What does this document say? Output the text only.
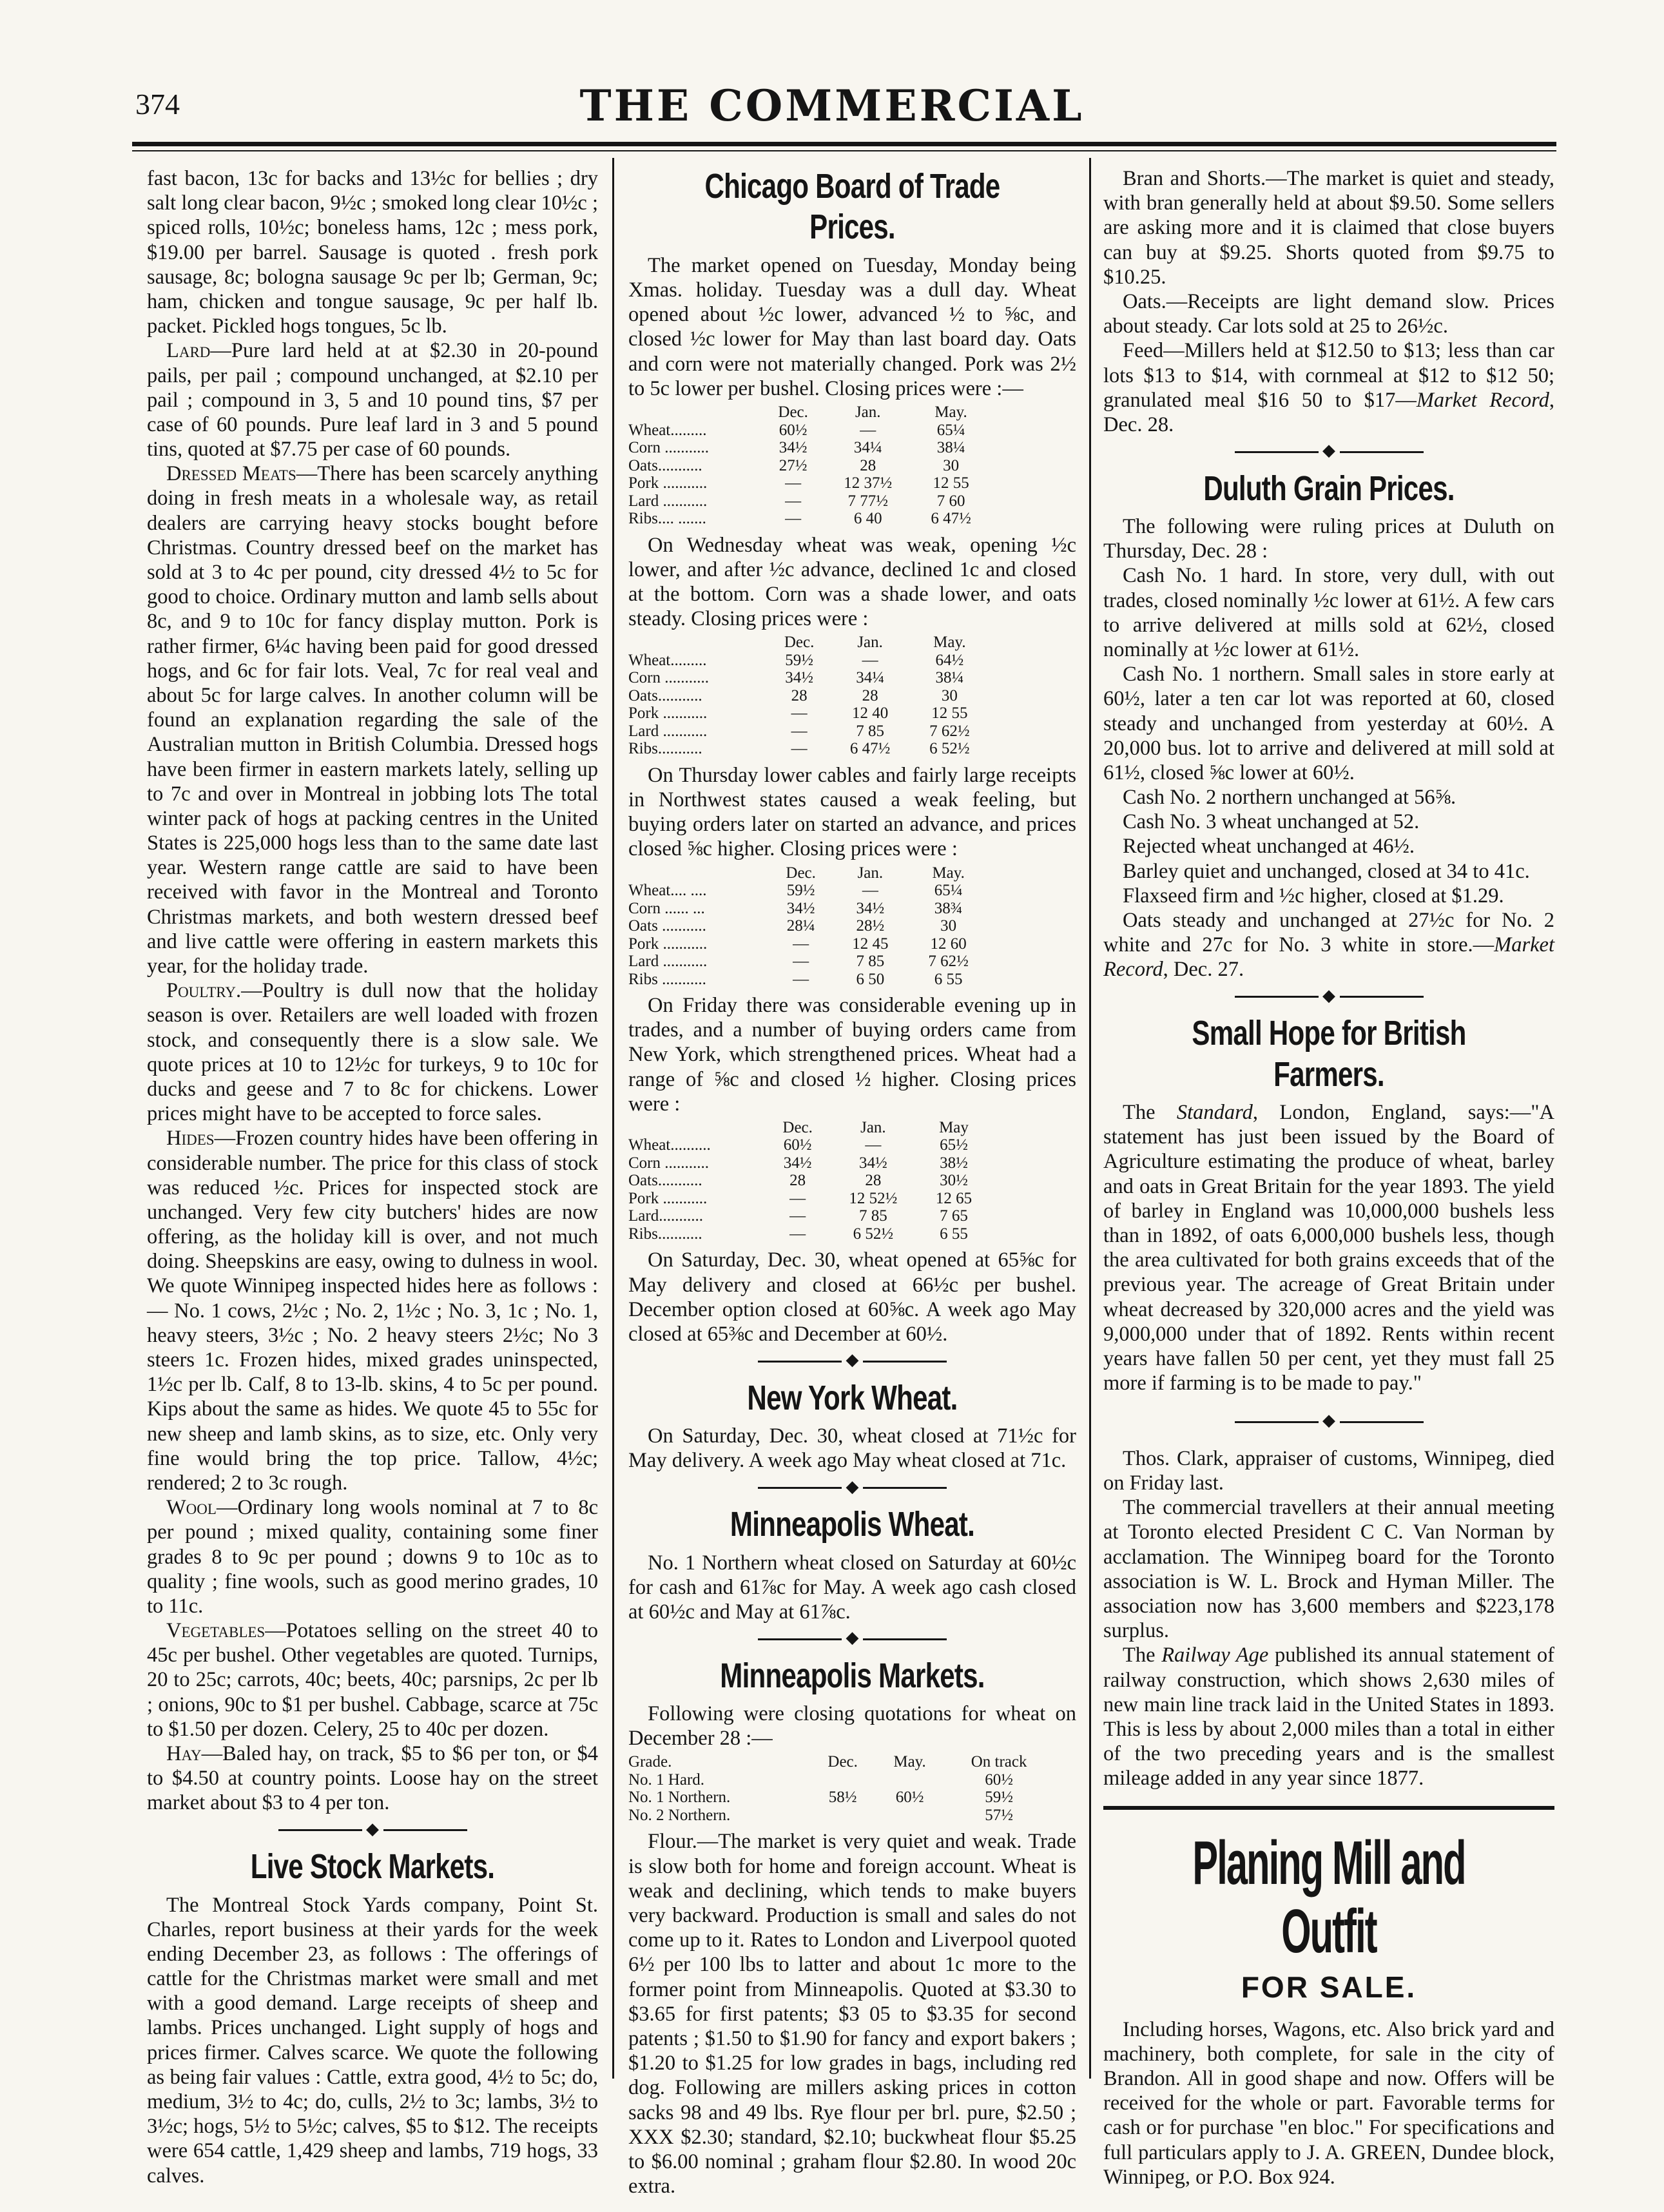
374	THE COMMERCIAL

fast bacon, 13c for backs and 13½c for bellies ; dry salt long clear bacon, 9½c ; smoked long clear 10½c ; spiced rolls, 10½c; boneless hams, 12c ; mess pork, $19.00 per barrel. Sausage is quoted . fresh pork sausage, 8c; bologna sausage 9c per lb; German, 9c; ham, chicken and tongue sausage, 9c per half lb. packet. Pickled hogs tongues, 5c lb.

Lard—Pure lard held at at $2.30 in 20-pound pails, per pail ; compound unchanged, at $2.10 per pail ; compound in 3, 5 and 10 pound tins, $7 per case of 60 pounds. Pure leaf lard in 3 and 5 pound tins, quoted at $7.75 per case of 60 pounds.

Dressed Meats—There has been scarcely anything doing in fresh meats in a wholesale way, as retail dealers are carrying heavy stocks bought before Christmas. Country dressed beef on the market has sold at 3 to 4c per pound, city dressed 4½ to 5c for good to choice. Ordinary mutton and lamb sells about 8c, and 9 to 10c for fancy display mutton. Pork is rather firmer, 6¼c having been paid for good dressed hogs, and 6c for fair lots. Veal, 7c for real veal and about 5c for large calves. In another column will be found an explanation regarding the sale of the Australian mutton in British Columbia. Dressed hogs have been firmer in eastern markets lately, selling up to 7c and over in Montreal in jobbing lots The total winter pack of hogs at packing centres in the United States is 225,000 hogs less than to the same date last year. Western range cattle are said to have been received with favor in the Montreal and Toronto Christmas markets, and both western dressed beef and live cattle were offering in eastern markets this year, for the holiday trade.

Poultry.—Poultry is dull now that the holiday season is over. Retailers are well loaded with frozen stock, and consequently there is a slow sale. We quote prices at 10 to 12½c for turkeys, 9 to 10c for ducks and geese and 7 to 8c for chickens. Lower prices might have to be accepted to force sales.

Hides—Frozen country hides have been offering in considerable number. The price for this class of stock was reduced ½c. Prices for inspected stock are unchanged. Very few city butchers' hides are now offering, as the holiday kill is over, and not much doing. Sheepskins are easy, owing to dulness in wool. We quote Winnipeg inspected hides here as follows :— No. 1 cows, 2½c ; No. 2, 1½c ; No. 3, 1c ; No. 1, heavy steers, 3½c ; No. 2 heavy steers 2½c; No 3 steers 1c. Frozen hides, mixed grades uninspected, 1½c per lb. Calf, 8 to 13-lb. skins, 4 to 5c per pound. Kips about the same as hides. We quote 45 to 55c for new sheep and lamb skins, as to size, etc. Only very fine would bring the top price. Tallow, 4½c; rendered; 2 to 3c rough.

Wool—Ordinary long wools nominal at 7 to 8c per pound ; mixed quality, containing some finer grades 8 to 9c per pound ; downs 9 to 10c as to quality ; fine wools, such as good merino grades, 10 to 11c.

Vegetables—Potatoes selling on the street 40 to 45c per bushel. Other vegetables are quoted. Turnips, 20 to 25c; carrots, 40c; beets, 40c; parsnips, 2c per lb ; onions, 90c to $1 per bushel. Cabbage, scarce at 75c to $1.50 per dozen. Celery, 25 to 40c per dozen.

Hay—Baled hay, on track, $5 to $6 per ton, or $4 to $4.50 at country points. Loose hay on the street market about $3 to 4 per ton.

◆
Live Stock Markets.

The Montreal Stock Yards company, Point St. Charles, report business at their yards for the week ending December 23, as follows : The offerings of cattle for the Christmas market were small and met with a good demand. Large receipts of sheep and lambs. Prices unchanged. Light supply of hogs and prices firmer. Calves scarce. We quote the following as being fair values : Cattle, extra good, 4½ to 5c; do, medium, 3½ to 4c; do, culls, 2½ to 3c; lambs, 3½ to 3½c; hogs, 5½ to 5½c; calves, $5 to $12. The receipts were 654 cattle, 1,429 sheep and lambs, 719 hogs, 33 calves.

Chicago Board of Trade Prices.

The market opened on Tuesday, Monday being Xmas. holiday. Tuesday was a dull day. Wheat opened about ½c lower, advanced ½ to ⅝c, and closed ½c lower for May than last board day. Oats and corn were not materially changed. Pork was 2½ to 5c lower per bushel. Closing prices were :—

	Dec.	Jan.	May.
Wheat.........	60½	—	65¼
Corn ...........	34½	34¼	38¼
Oats...........	27½	28	30
Pork ...........	—	12 37½	12 55
Lard ...........	—	7 77½	7 60
Ribs.... .......	—	6 40	6 47½

On Wednesday wheat was weak, opening ½c lower, and after ½c advance, declined 1c and closed at the bottom. Corn was a shade lower, and oats steady. Closing prices were :

	Dec.	Jan.	May.
Wheat.........	59½	—	64½
Corn ...........	34½	34¼	38¼
Oats...........	28	28	30
Pork ...........	—	12 40	12 55
Lard ...........	—	7 85	7 62½
Ribs...........	—	6 47½	6 52½

On Thursday lower cables and fairly large receipts in Northwest states caused a weak feeling, but buying orders later on started an advance, and prices closed ⅝c higher. Closing prices were :

	Dec.	Jan.	May.
Wheat.... ....	59½	—	65¼
Corn ...... ...	34½	34½	38¾
Oats ...........	28¼	28½	30
Pork ...........	—	12 45	12 60
Lard ...........	—	7 85	7 62½
Ribs ...........	—	6 50	6 55

On Friday there was considerable evening up in trades, and a number of buying orders came from New York, which strengthened prices. Wheat had a range of ⅝c and closed ½ higher. Closing prices were :

	Dec.	Jan.	May
Wheat..........	60½	—	65½
Corn ...........	34½	34½	38½
Oats...........	28	28	30½
Pork ...........	—	12 52½	12 65
Lard...........	—	7 85	7 65
Ribs...........	—	6 52½	6 55

On Saturday, Dec. 30, wheat opened at 65⅝c for May delivery and closed at 66½c per bushel. December option closed at 60⅝c. A week ago May closed at 65⅜c and December at 60½.

◆
New York Wheat.

On Saturday, Dec. 30, wheat closed at 71½c for May delivery. A week ago May wheat closed at 71c.

◆
Minneapolis Wheat.

No. 1 Northern wheat closed on Saturday at 60½c for cash and 61⅞c for May. A week ago cash closed at 60½c and May at 61⅞c.

◆
Minneapolis Markets.

Following were closing quotations for wheat on December 28 :—

Grade.	Dec.	May.	On track
No. 1 Hard.			60½
No. 1 Northern.	58½	60½	59½
No. 2 Northern.			57½

Flour.—The market is very quiet and weak. Trade is slow both for home and foreign account. Wheat is weak and declining, which tends to make buyers very backward. Production is small and sales do not come up to it. Rates to London and Liverpool quoted 6½ per 100 lbs to latter and about 1c more to the former point from Minneapolis. Quoted at $3.30 to $3.65 for first patents; $3 05 to $3.35 for second patents ; $1.50 to $1.90 for fancy and export bakers ; $1.20 to $1.25 for low grades in bags, including red dog. Following are millers asking prices in cotton sacks 98 and 49 lbs. Rye flour per brl. pure, $2.50 ; XXX $2.30; standard, $2.10; buckwheat flour $5.25 to $6.00 nominal ; graham flour $2.80. In wood 20c extra.

Bran and Shorts.—The market is quiet and steady, with bran generally held at about $9.50. Some sellers are asking more and it is claimed that close buyers can buy at $9.25. Shorts quoted from $9.75 to $10.25.

Oats.—Receipts are light demand slow. Prices about steady. Car lots sold at 25 to 26½c.

Feed—Millers held at $12.50 to $13; less than car lots $13 to $14, with cornmeal at $12 to $12 50; granulated meal $16 50 to $17—Market Record, Dec. 28.

◆
Duluth Grain Prices.

The following were ruling prices at Duluth on Thursday, Dec. 28 :

Cash No. 1 hard. In store, very dull, with out trades, closed nominally ½c lower at 61½. A few cars to arrive delivered at mills sold at 62½, closed nominally at ½c lower at 61½.

Cash No. 1 northern. Small sales in store early at 60½, later a ten car lot was reported at 60, closed steady and unchanged from yesterday at 60½. A 20,000 bus. lot to arrive and delivered at mill sold at 61½, closed ⅝c lower at 60½.

Cash No. 2 northern unchanged at 56⅝.

Cash No. 3 wheat unchanged at 52.

Rejected wheat unchanged at 46½.

Barley quiet and unchanged, closed at 34 to 41c.

Flaxseed firm and ½c higher, closed at $1.29.

Oats steady and unchanged at 27½c for No. 2 white and 27c for No. 3 white in store.—Market Record, Dec. 27.

◆
Small Hope for British Farmers.

The Standard, London, England, says:—"A statement has just been issued by the Board of Agriculture estimating the produce of wheat, barley and oats in Great Britain for the year 1893. The yield of barley in England was 10,000,000 bushels less than in 1892, of oats 6,000,000 bushels less, though the area cultivated for both grains exceeds that of the previous year. The acreage of Great Britain under wheat decreased by 320,000 acres and the yield was 9,000,000 under that of 1892. Rents within recent years have fallen 50 per cent, yet they must fall 25 more if farming is to be made to pay."

◆

Thos. Clark, appraiser of customs, Winnipeg, died on Friday last.

The commercial travellers at their annual meeting at Toronto elected President C C. Van Norman by acclamation. The Winnipeg board for the Toronto association is W. L. Brock and Hyman Miller. The association now has 3,600 members and $223,178 surplus.

The Railway Age published its annual statement of railway construction, which shows 2,630 miles of new main line track laid in the United States in 1893. This is less by about 2,000 miles than a total in either of the two preceding years and is the smallest mileage added in any year since 1877.

Planing Mill and Outfit
FOR SALE.

Including horses, Wagons, etc. Also brick yard and machinery, both complete, for sale in the city of Brandon. All in good shape and now. Offers will be received for the whole or part. Favorable terms for cash or for purchase "en bloc." For specifications and full particulars apply to J. A. GREEN, Dundee block, Winnipeg, or P.O. Box 924.
